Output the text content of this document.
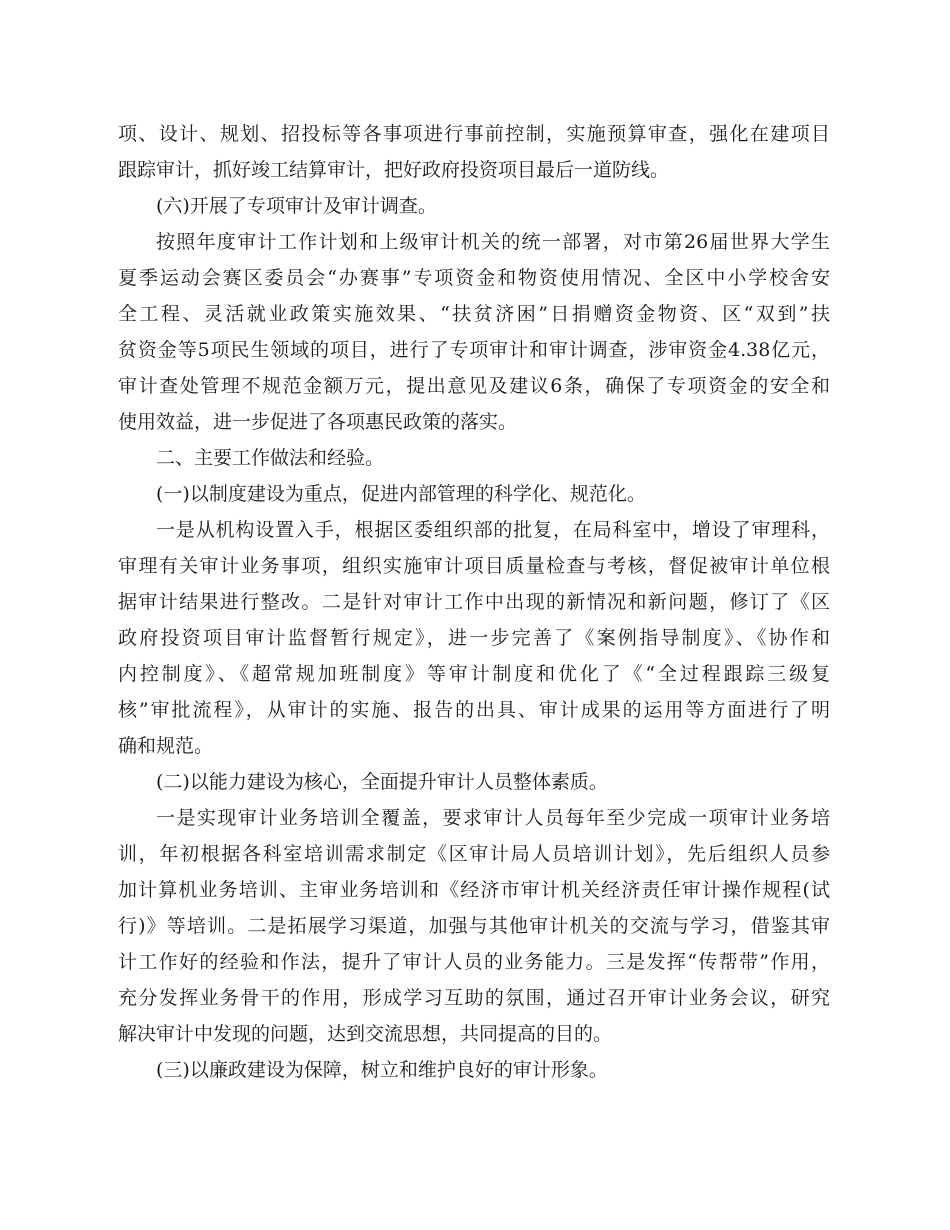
项、设计、规划、招投标等各事项进行事前控制，实施预算审查，强化在建项目
跟踪审计，抓好竣工结算审计，把好政府投资项目最后一道防线。
(六)开展了专项审计及审计调查。
按照年度审计工作计划和上级审计机关的统一部署，对市第26届世界大学生
夏季运动会赛区委员会“办赛事”专项资金和物资使用情况、全区中小学校舍安
全工程、灵活就业政策实施效果、“扶贫济困”日捐赠资金物资、区“双到”扶
贫资金等5项民生领域的项目，进行了专项审计和审计调查，涉审资金4.38亿元，
审计查处管理不规范金额万元，提出意见及建议6条，确保了专项资金的安全和
使用效益，进一步促进了各项惠民政策的落实。
二、主要工作做法和经验。
(一)以制度建设为重点，促进内部管理的科学化、规范化。
一是从机构设置入手，根据区委组织部的批复，在局科室中，增设了审理科，
审理有关审计业务事项，组织实施审计项目质量检查与考核，督促被审计单位根
据审计结果进行整改。二是针对审计工作中出现的新情况和新问题，修订了《区
政府投资项目审计监督暂行规定》，进一步完善了《案例指导制度》、《协作和
内控制度》、《超常规加班制度》等审计制度和优化了《“全过程跟踪三级复
核”审批流程》，从审计的实施、报告的出具、审计成果的运用等方面进行了明
确和规范。
(二)以能力建设为核心，全面提升审计人员整体素质。
一是实现审计业务培训全覆盖，要求审计人员每年至少完成一项审计业务培
训，年初根据各科室培训需求制定《区审计局人员培训计划》，先后组织人员参
加计算机业务培训、主审业务培训和《经济市审计机关经济责任审计操作规程(试
行)》等培训。二是拓展学习渠道，加强与其他审计机关的交流与学习，借鉴其审
计工作好的经验和作法，提升了审计人员的业务能力。三是发挥“传帮带”作用，
充分发挥业务骨干的作用，形成学习互助的氛围，通过召开审计业务会议，研究
解决审计中发现的问题，达到交流思想，共同提高的目的。
(三)以廉政建设为保障，树立和维护良好的审计形象。
